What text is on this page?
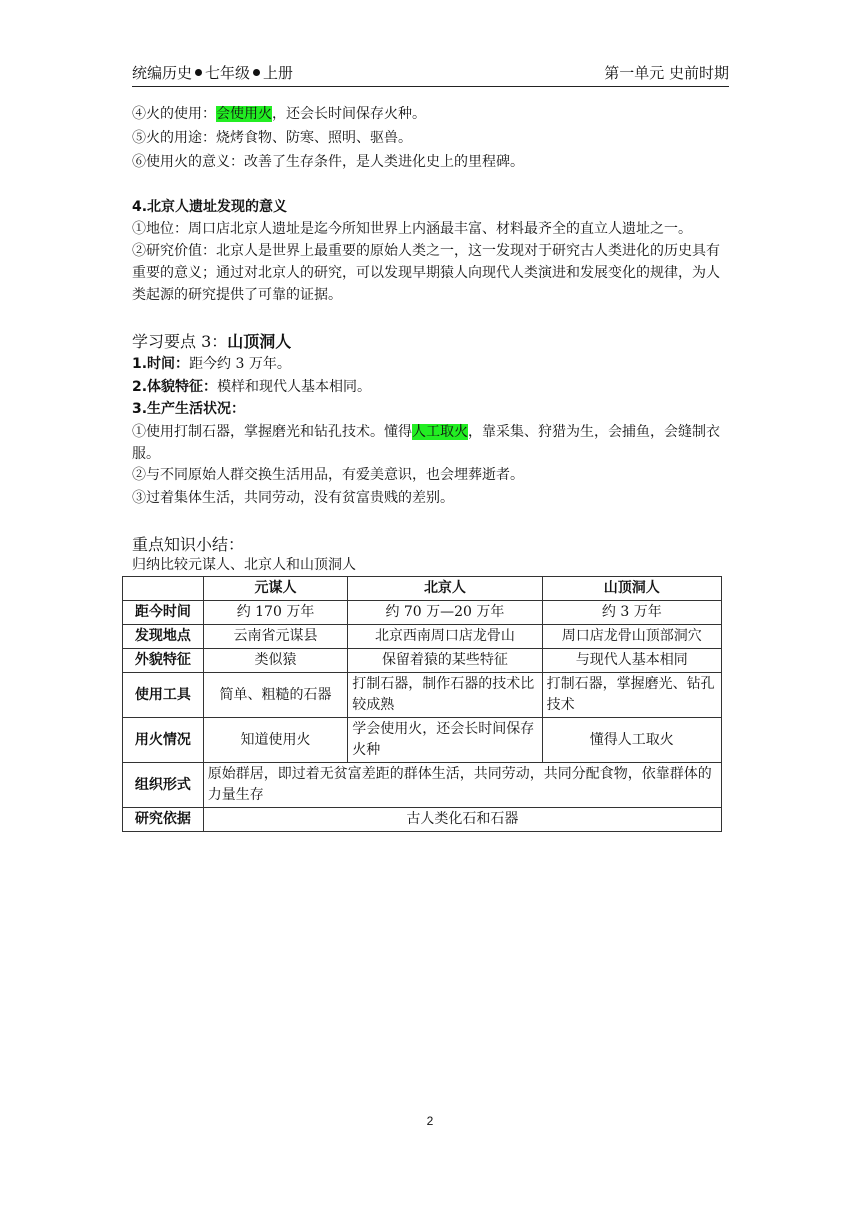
统编历史 七年级 上册	第一单元 史前时期
④火的使用：会使用火，还会长时间保存火种。
⑤火的用途：烧烤食物、防寒、照明、驱兽。
⑥使用火的意义：改善了生存条件，是人类进化史上的里程碑。
4.北京人遗址发现的意义
①地位：周口店北京人遗址是迄今所知世界上内涵最丰富、材料最齐全的直立人遗址之一。
②研究价值：北京人是世界上最重要的原始人类之一，这一发现对于研究古人类进化的历史具有重要的意义；通过对北京人的研究，可以发现早期猿人向现代人类演进和发展变化的规律，为人类起源的研究提供了可靠的证据。
学习要点 3：山顶洞人
1.时间：距今约 3 万年。
2.体貌特征：模样和现代人基本相同。
3.生产生活状况：
①使用打制石器，掌握磨光和钻孔技术。懂得人工取火，靠采集、狩猎为生，会捕鱼，会缝制衣服。
②与不同原始人群交换生活用品，有爱美意识，也会埋葬逝者。
③过着集体生活，共同劳动，没有贫富贵贱的差别。
重点知识小结：
归纳比较元谋人、北京人和山顶洞人
	元谋人	北京人	山顶洞人
距今时间	约 170 万年	约 70 万—20 万年	约 3 万年
发现地点	云南省元谋县	北京西南周口店龙骨山	周口店龙骨山顶部洞穴
外貌特征	类似猿	保留着猿的某些特征	与现代人基本相同
使用工具	简单、粗糙的石器	打制石器，制作石器的技术比较成熟	打制石器，掌握磨光、钻孔技术
用火情况	知道使用火	学会使用火，还会长时间保存火种	懂得人工取火
组织形式	原始群居，即过着无贫富差距的群体生活，共同劳动，共同分配食物，依靠群体的力量生存		
研究依据	古人类化石和石器		
2
